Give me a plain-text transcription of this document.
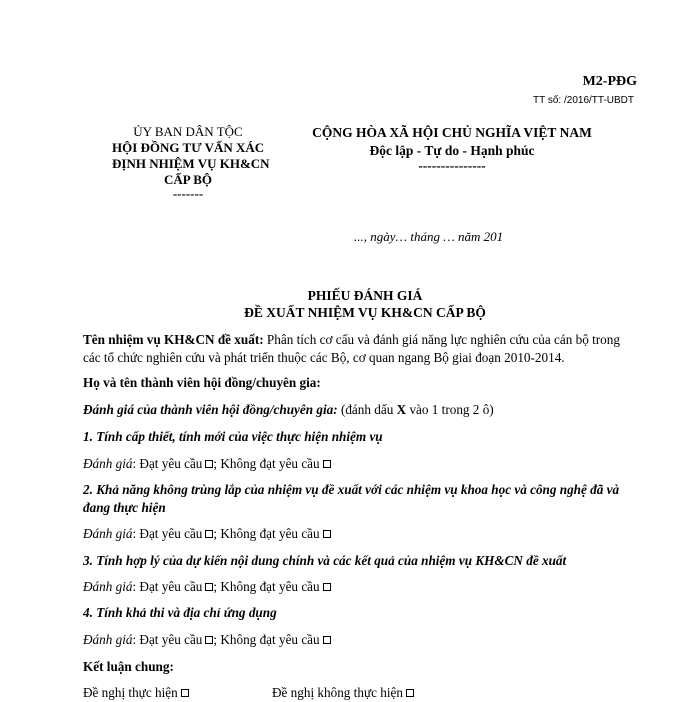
M2-PĐG
TT số: /2016/TT-UBDT
ỦY BAN DÂN TỘC
HỘI ĐỒNG TƯ VẤN XÁC
ĐỊNH NHIỆM VỤ KH&CN
CẤP BỘ
-------
CỘNG HÒA XÃ HỘI CHỦ NGHĨA VIỆT NAM
Độc lập - Tự do - Hạnh phúc
---------------
..., ngày… tháng … năm 201
PHIẾU ĐÁNH GIÁ
ĐỀ XUẤT NHIỆM VỤ KH&CN CẤP BỘ
Tên nhiệm vụ KH&CN đề xuất: Phân tích cơ cấu và đánh giá năng lực nghiên cứu của cán bộ trong các tổ chức nghiên cứu và phát triển thuộc các Bộ, cơ quan ngang Bộ giai đoạn 2010-2014.
Họ và tên thành viên hội đồng/chuyên gia:
Đánh giá của thành viên hội đồng/chuyên gia: (đánh dấu X vào 1 trong 2 ô)
1. Tính cấp thiết, tính mới của việc thực hiện nhiệm vụ
Đánh giá: Đạt yêu cầu ; Không đạt yêu cầu
2. Khả năng không trùng lắp của nhiệm vụ đề xuất với các nhiệm vụ khoa học và công nghệ đã và đang thực hiện
Đánh giá: Đạt yêu cầu ; Không đạt yêu cầu
3. Tính hợp lý của dự kiến nội dung chính và các kết quả của nhiệm vụ KH&CN đề xuất
Đánh giá: Đạt yêu cầu ; Không đạt yêu cầu
4. Tính khả thi và địa chỉ ứng dụng
Đánh giá: Đạt yêu cầu ; Không đạt yêu cầu
Kết luận chung:
Đề nghị thực hiện	Đề nghị không thực hiện
